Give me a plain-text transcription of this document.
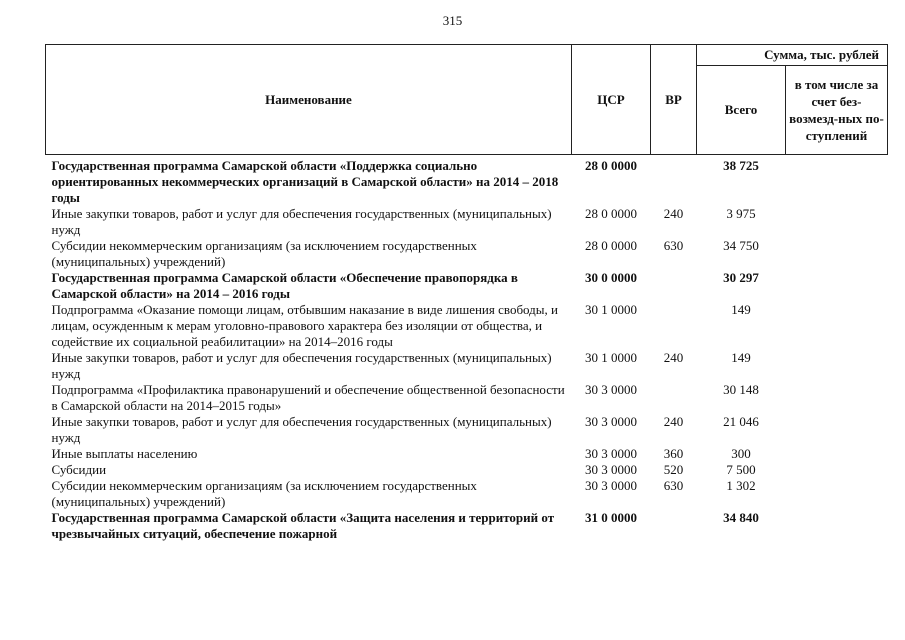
315
Наименование	ЦСР	ВР	Сумма, тыс. рублей	
			Всего	в том числе за счет без-возмезд-ных по-ступлений
Государственная программа Самарской области «Поддержка социально ориентированных некоммерческих организаций в Самарской области» на 2014 – 2018 годы	28 0 0000		38 725	
Иные закупки товаров, работ и услуг для обеспечения государственных (муниципальных) нужд	28 0 0000	240	3 975	
Субсидии некоммерческим организациям (за исключением государственных (муниципальных) учреждений)	28 0 0000	630	34 750	
Государственная программа Самарской области «Обеспечение правопорядка в Самарской области» на 2014 – 2016 годы	30 0 0000		30 297	
Подпрограмма «Оказание помощи лицам, отбывшим наказание в виде лишения свободы, и лицам, осужденным к мерам уголовно-правового характера без изоляции от общества, и содействие их социальной реабилитации» на 2014–2016 годы	30 1 0000		149	
Иные закупки товаров, работ и услуг для обеспечения государственных (муниципальных) нужд	30 1 0000	240	149	
Подпрограмма «Профилактика правонарушений и обеспечение общественной безопасности в Самарской области на 2014–2015 годы»	30 3 0000		30 148	
Иные закупки товаров, работ и услуг для обеспечения государственных (муниципальных) нужд	30 3 0000	240	21 046	
Иные выплаты населению	30 3 0000	360	300	
Субсидии	30 3 0000	520	7 500	
Субсидии некоммерческим организациям (за исключением государственных (муниципальных) учреждений)	30 3 0000	630	1 302	
Государственная программа Самарской области «Защита населения и территорий от чрезвычайных ситуаций, обеспечение пожарной	31 0 0000		34 840	
